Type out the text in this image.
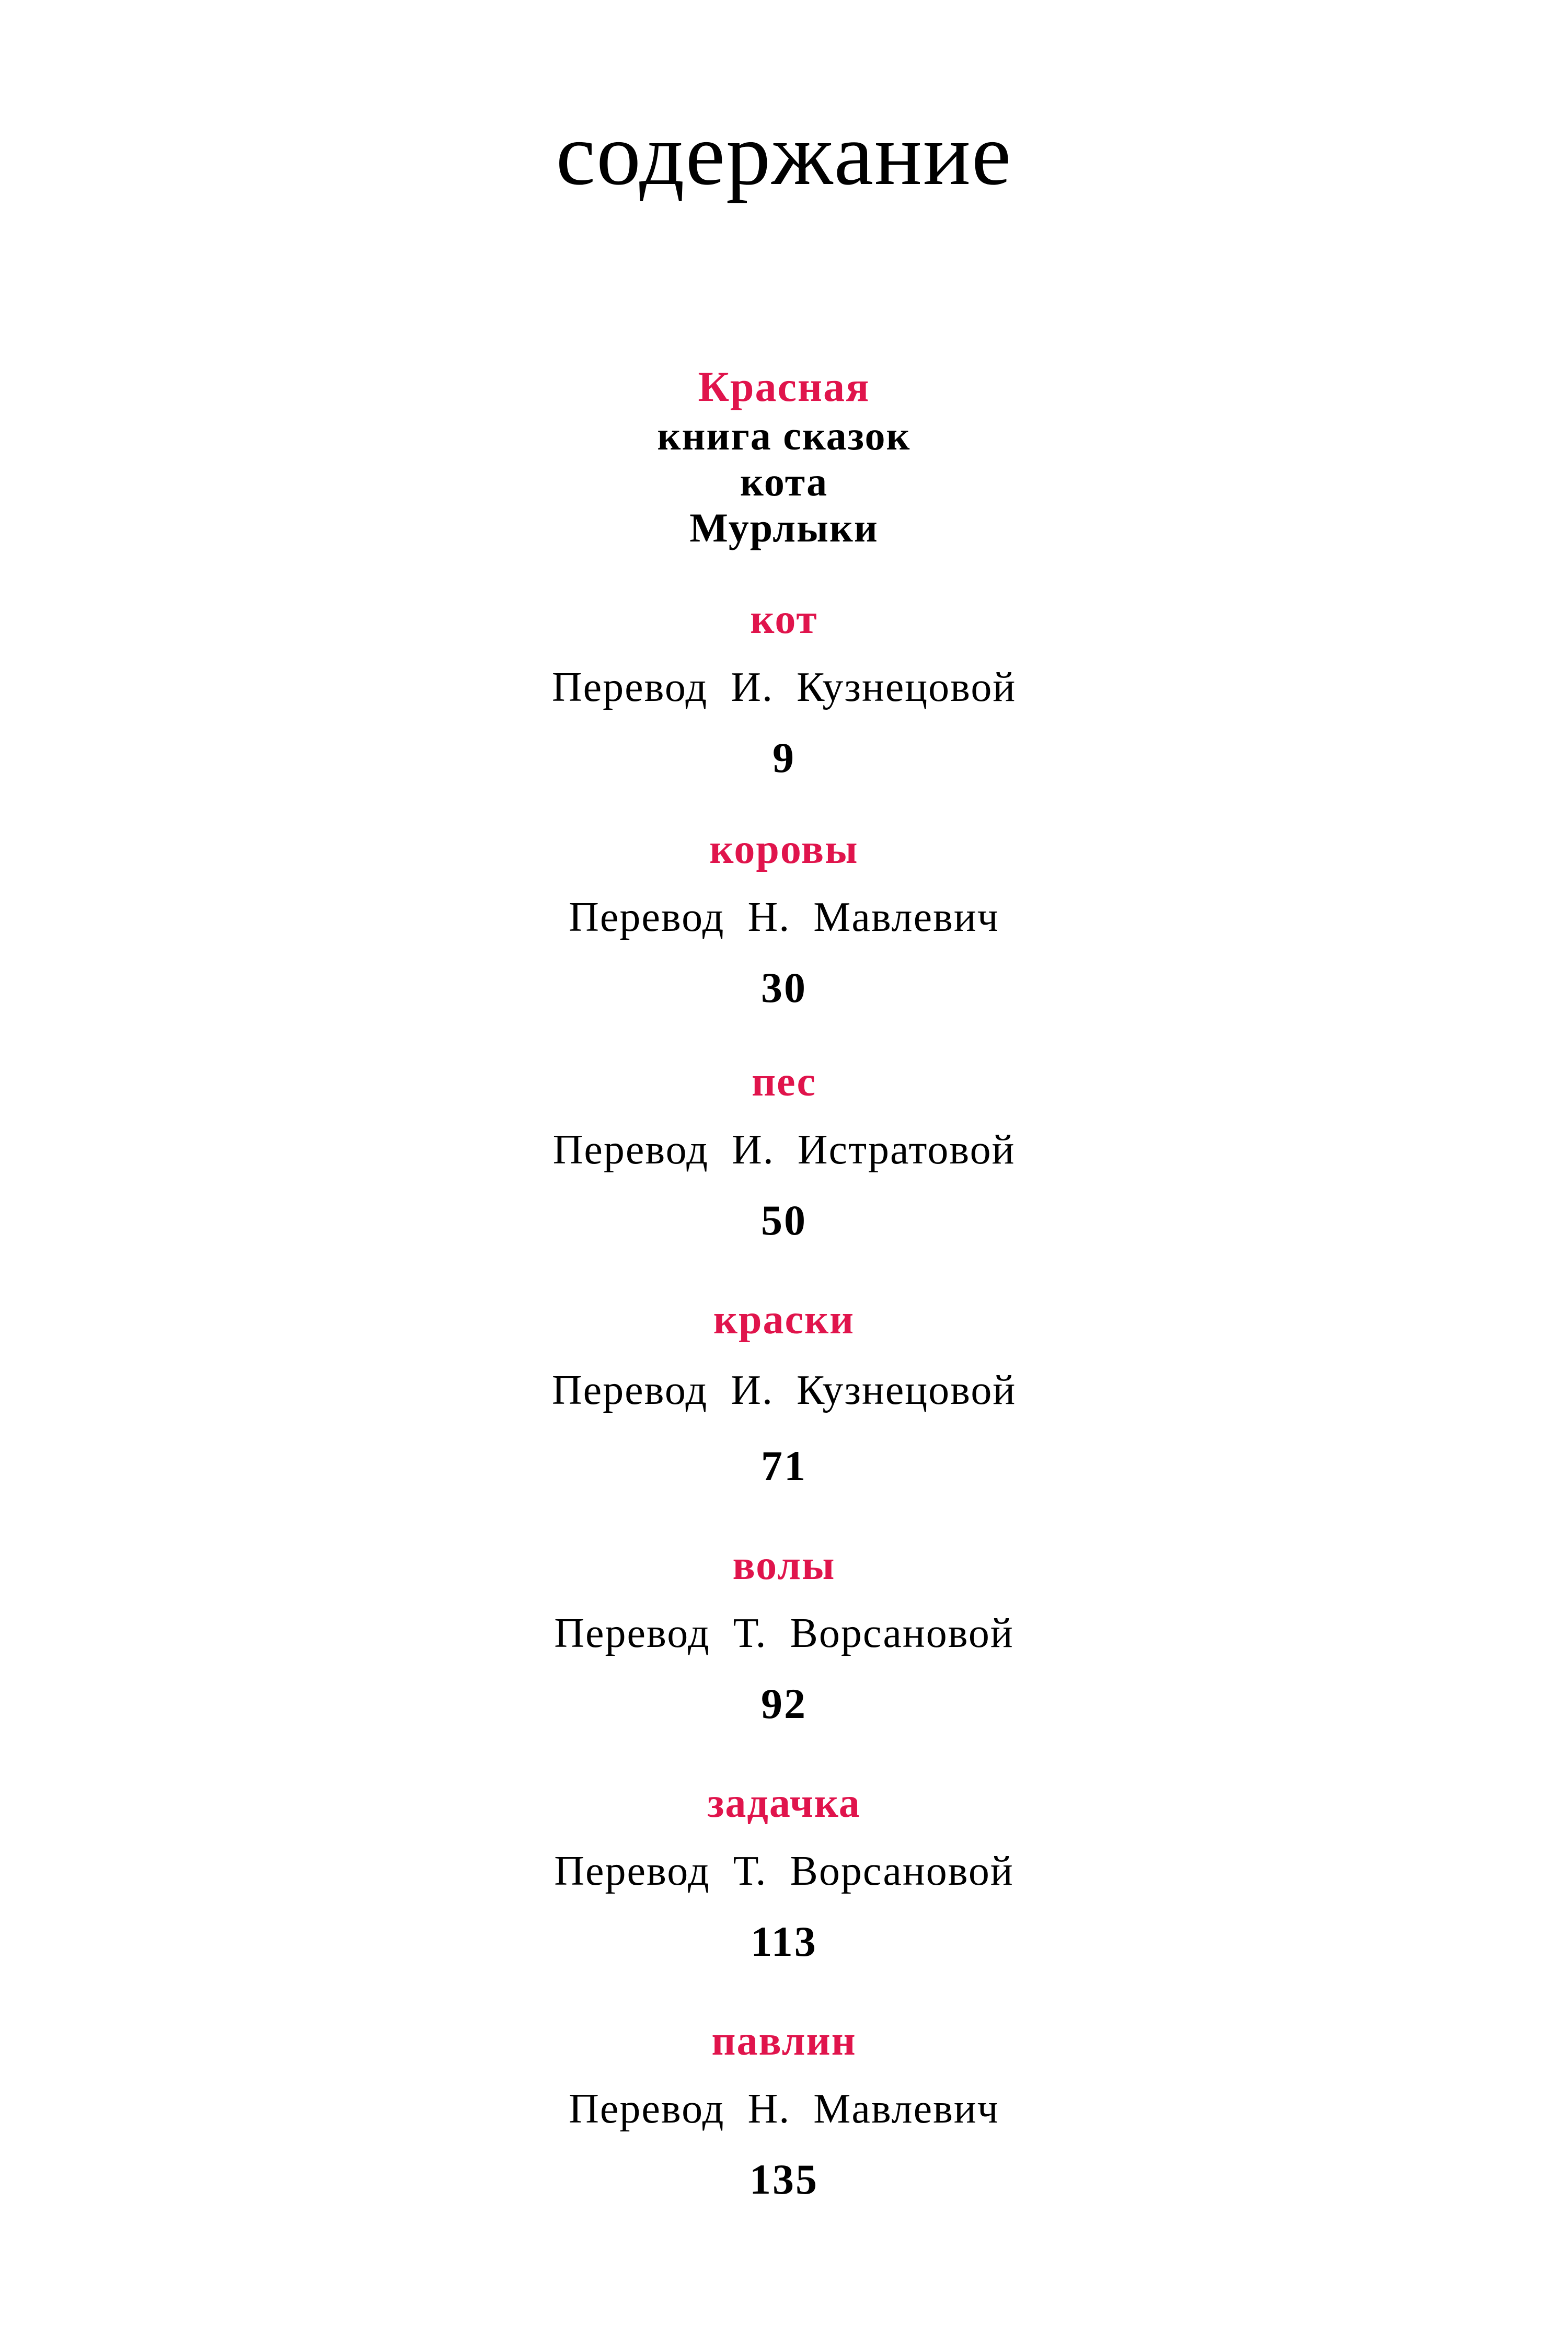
содержание
Красная
книга сказок
кота
Мурлыки
кот
Перевод И. Кузнецовой
9
коровы
Перевод Н. Мавлевич
30
пес
Перевод И. Истратовой
50
краски
Перевод И. Кузнецовой
71
волы
Перевод Т. Ворсановой
92
задачка
Перевод Т. Ворсановой
113
павлин
Перевод Н. Мавлевич
135
